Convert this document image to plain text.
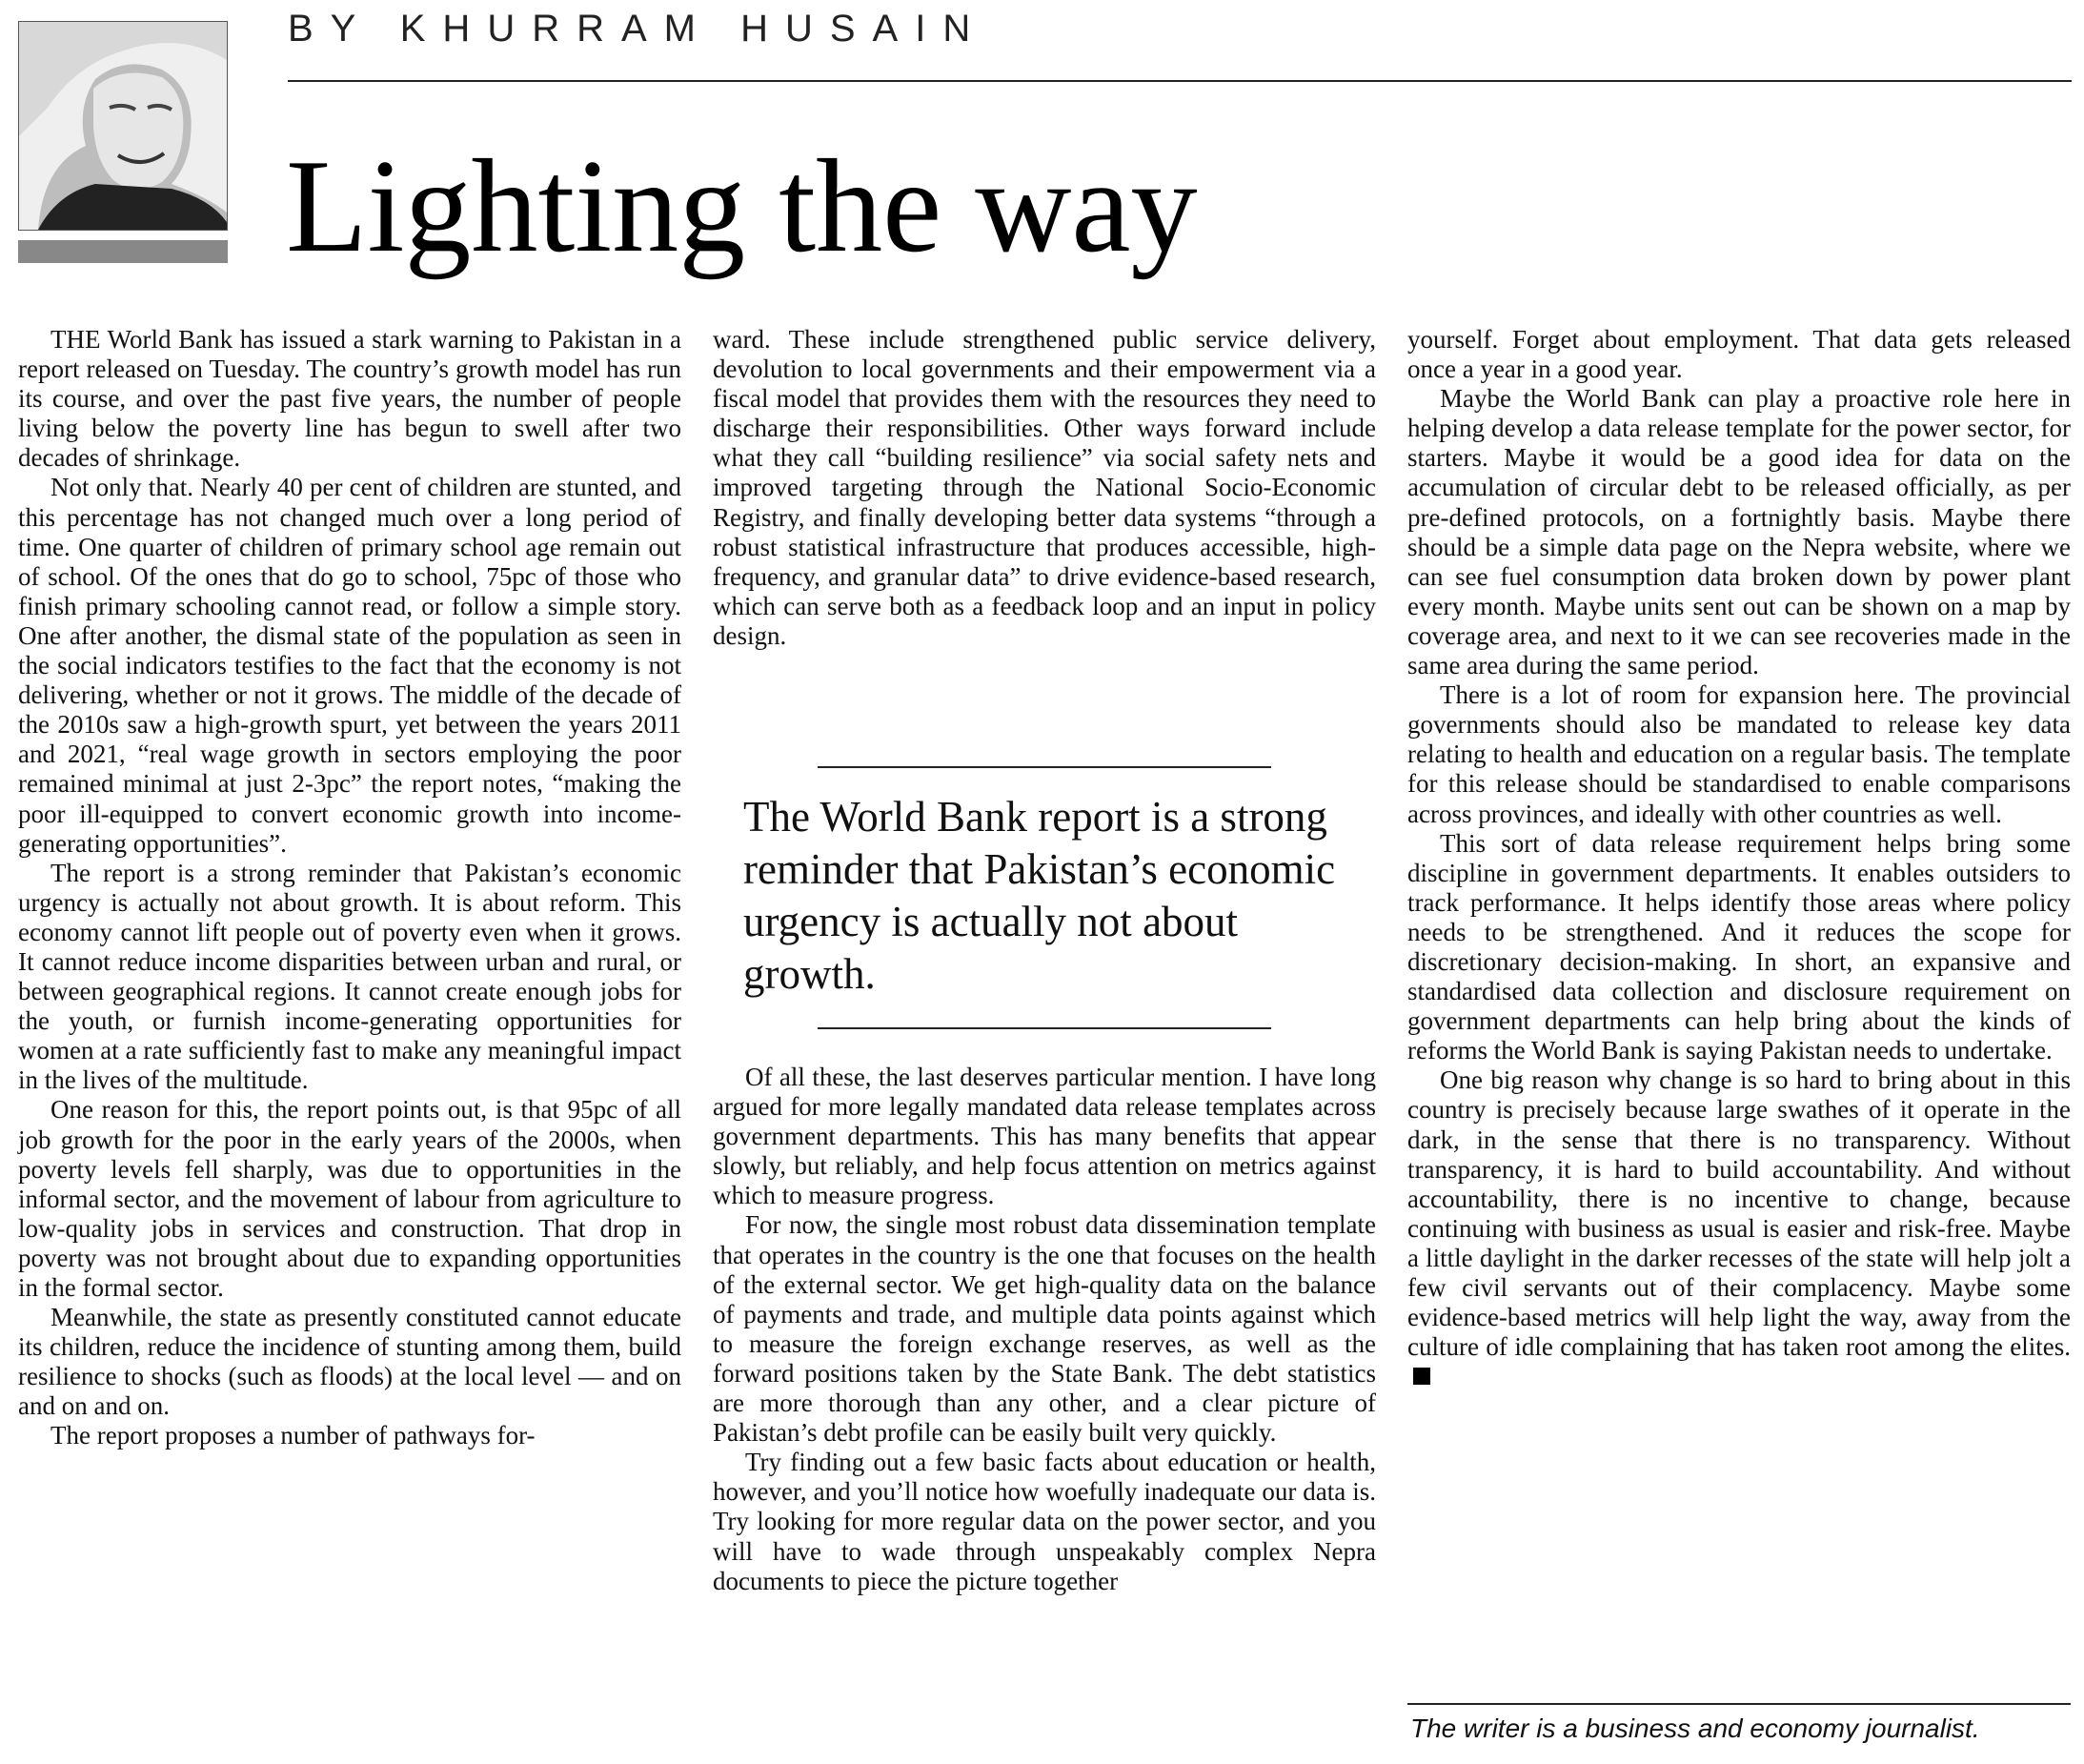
BY KHURRAM HUSAIN
Lighting the way

THE World Bank has issued a stark warning to Pakistan in a report released on Tuesday. The country’s growth model has run its course, and over the past five years, the number of people living below the poverty line has begun to swell after two decades of shrinkage.

Not only that. Nearly 40 per cent of children are stunted, and this percentage has not changed much over a long period of time. One quarter of children of primary school age remain out of school. Of the ones that do go to school, 75pc of those who finish primary schooling cannot read, or follow a simple story. One after another, the dismal state of the population as seen in the social indicators testifies to the fact that the economy is not delivering, whether or not it grows. The middle of the decade of the 2010s saw a high-growth spurt, yet between the years 2011 and 2021, “real wage growth in sectors employing the poor remained minimal at just 2-3pc” the report notes, “making the poor ill-equipped to convert economic growth into income-generating opportunities”.

The report is a strong reminder that Pakistan’s economic urgency is actually not about growth. It is about reform. This economy cannot lift people out of poverty even when it grows. It cannot reduce income disparities between urban and rural, or between geographical regions. It cannot create enough jobs for the youth, or furnish income-generating opportunities for women at a rate sufficiently fast to make any meaningful impact in the lives of the multitude.

One reason for this, the report points out, is that 95pc of all job growth for the poor in the early years of the 2000s, when poverty levels fell sharply, was due to opportunities in the informal sector, and the movement of labour from agriculture to low-quality jobs in services and construction. That drop in poverty was not brought about due to expanding opportunities in the formal sector.

Meanwhile, the state as presently constituted cannot educate its children, reduce the incidence of stunting among them, build resilience to shocks (such as floods) at the local level — and on and on and on.

The report proposes a number of pathways for-

ward. These include strengthened public service delivery, devolution to local governments and their empowerment via a fiscal model that provides them with the resources they need to discharge their responsibilities. Other ways forward include what they call “building resilience” via social safety nets and improved targeting through the National Socio-Economic Registry, and finally developing better data systems “through a robust statistical infrastructure that produces accessible, high-frequency, and granular data” to drive evidence-based research, which can serve both as a feedback loop and an input in policy design.

The World Bank report is a strong reminder that Pakistan’s economic urgency is actually not about growth.

Of all these, the last deserves particular mention. I have long argued for more legally mandated data release templates across government departments. This has many benefits that appear slowly, but reliably, and help focus attention on metrics against which to measure progress.

For now, the single most robust data dissemination template that operates in the country is the one that focuses on the health of the external sector. We get high-quality data on the balance of payments and trade, and multiple data points against which to measure the foreign exchange reserves, as well as the forward positions taken by the State Bank. The debt statistics are more thorough than any other, and a clear picture of Pakistan’s debt profile can be easily built very quickly.

Try finding out a few basic facts about education or health, however, and you’ll notice how woefully inadequate our data is. Try looking for more regular data on the power sector, and you will have to wade through unspeakably complex Nepra documents to piece the picture together

yourself. Forget about employment. That data gets released once a year in a good year.

Maybe the World Bank can play a proactive role here in helping develop a data release template for the power sector, for starters. Maybe it would be a good idea for data on the accumulation of circular debt to be released officially, as per pre-defined protocols, on a fortnightly basis. Maybe there should be a simple data page on the Nepra website, where we can see fuel consumption data broken down by power plant every month. Maybe units sent out can be shown on a map by coverage area, and next to it we can see recoveries made in the same area during the same period.

There is a lot of room for expansion here. The provincial governments should also be mandated to release key data relating to health and education on a regular basis. The template for this release should be standardised to enable comparisons across provinces, and ideally with other countries as well.

This sort of data release requirement helps bring some discipline in government departments. It enables outsiders to track performance. It helps identify those areas where policy needs to be strengthened. And it reduces the scope for discretionary decision-making. In short, an expansive and standardised data collection and disclosure requirement on government departments can help bring about the kinds of reforms the World Bank is saying Pakistan needs to undertake.

One big reason why change is so hard to bring about in this country is precisely because large swathes of it operate in the dark, in the sense that there is no transparency. Without transparency, it is hard to build accountability. And without accountability, there is no incentive to change, because continuing with business as usual is easier and risk-free. Maybe a little daylight in the darker recesses of the state will help jolt a few civil servants out of their complacency. Maybe some evidence-based metrics will help light the way, away from the culture of idle complaining that has taken root among the elites.

The writer is a business and economy journalist.
